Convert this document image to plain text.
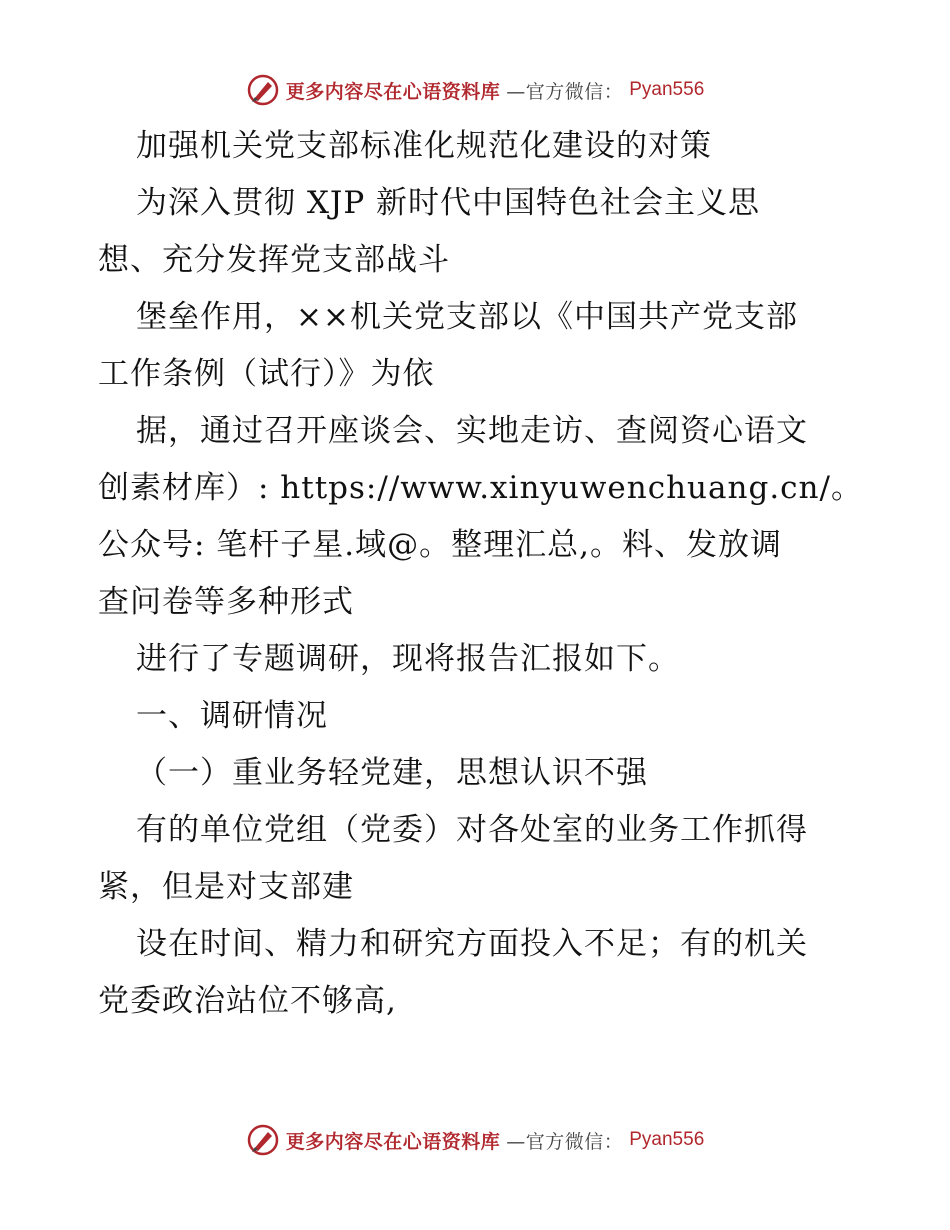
更多内容尽在心语资料库 —官方微信： Pyan556
加强机关党支部标准化规范化建设的对策
为深入贯彻 XJP 新时代中国特色社会主义思
想、充分发挥党支部战斗
堡垒作用，××机关党支部以《中国共产党支部
工作条例（试行）》为依
据，通过召开座谈会、实地走访、查阅资心语文
创素材库）: https://www.xinyuwenchuang.cn/。
公众号: 笔杆子星.域@。整理汇总,。料、发放调
查问卷等多种形式
进行了专题调研，现将报告汇报如下。
一、调研情况
（一）重业务轻党建，思想认识不强
有的单位党组（党委）对各处室的业务工作抓得
紧，但是对支部建
设在时间、精力和研究方面投入不足；有的机关
党委政治站位不够高,
更多内容尽在心语资料库 —官方微信： Pyan556
